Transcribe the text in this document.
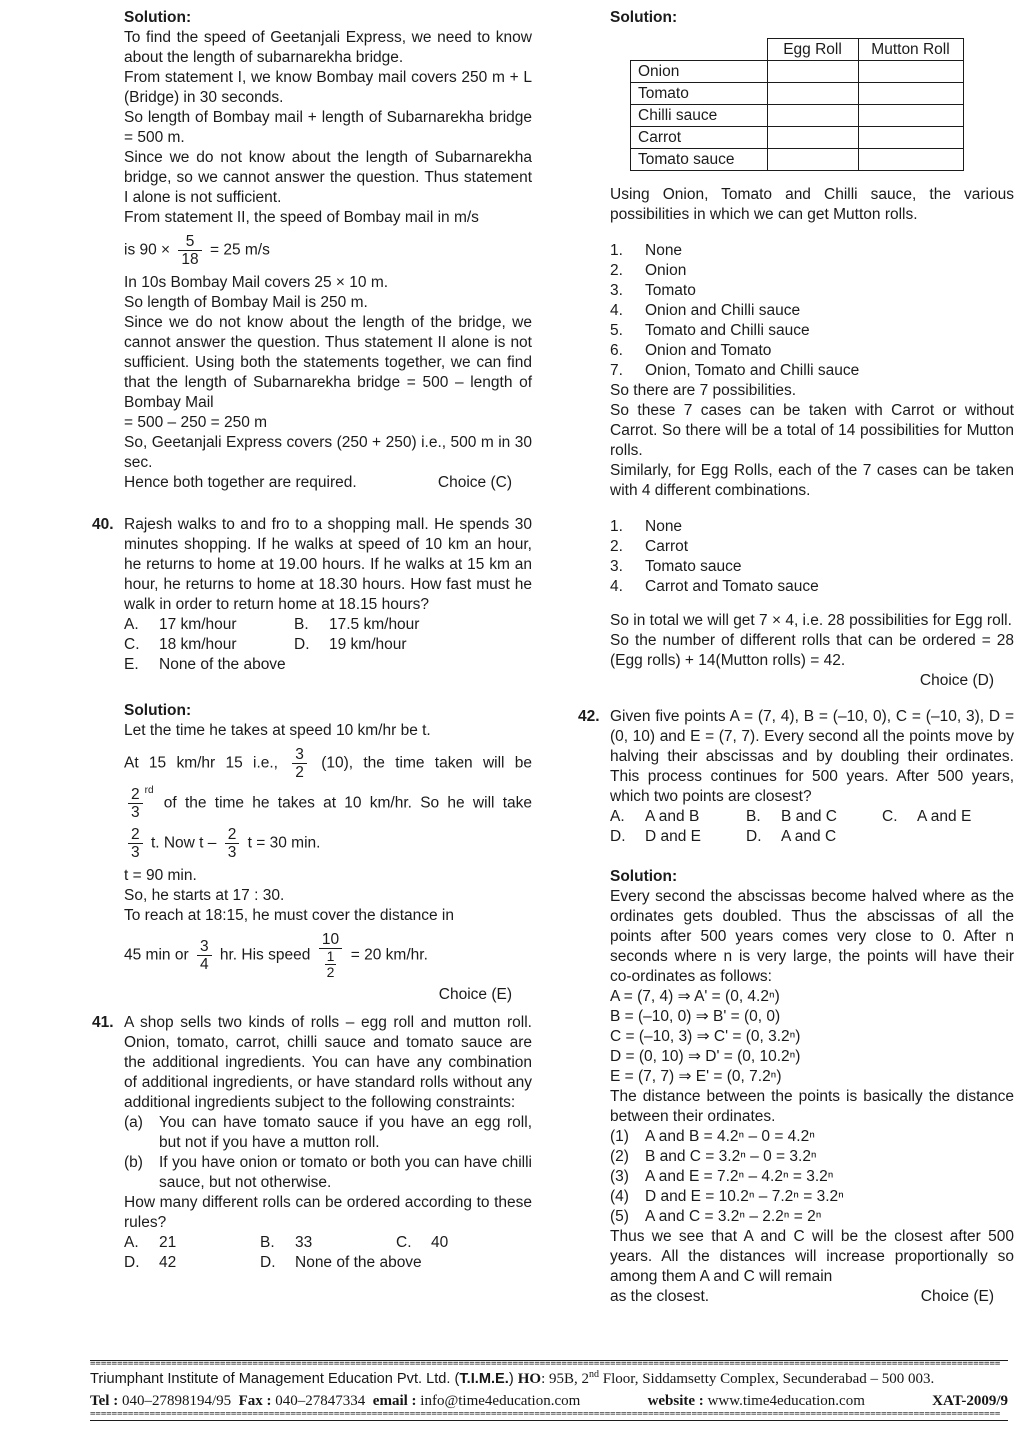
Solution:

To find the speed of Geetanjali Express, we need to know about the length of subarnarekha bridge.

From statement I, we know Bombay mail covers 250 m + L (Bridge) in 30 seconds.

So length of Bombay mail + length of Subarnarekha bridge = 500 m.

Since we do not know about the length of Subarnarekha bridge, so we cannot answer the question. Thus statement I alone is not sufficient.

From statement II, the speed of Bombay mail in m/s

is $90 \times \frac{5}{18} = 25$ m/s

In 10s Bombay Mail covers 25 × 10 m.

So length of Bombay Mail is 250 m.

Since we do not know about the length of the bridge, we cannot answer the question. Thus statement II alone is not sufficient. Using both the statements together, we can find that the length of Subarnarekha bridge = 500 – length of Bombay Mail

= 500 – 250 = 250 m

So, Geetanjali Express covers (250 + 250) i.e., 500 m in 30 sec.

Hence both together are required.	Choice (C)
40. Rajesh walks to and fro to a shopping mall. He spends 30 minutes shopping. If he walks at speed of 10 km an hour, he returns to home at 19.00 hours. If he walks at 15 km an hour, he returns to home at 18.30 hours. How fast must he walk in order to return home at 18.15 hours?

A.	17 km/hour	B.	17.5 km/hour
C.	18 km/hour	D.	19 km/hour
E.	None of the above

Solution:

Let the time he takes at speed 10 km/hr be t.

At 15 km/hr 15 i.e., $\frac{3}{2} (10)$, the time taken will be
$\frac{2}{3} ^{rd}$ of the time he takes at 10 km/hr. So he will take
$\frac{2}{3} t$. Now t – $\frac{2}{3}$ t = 30 min.

t = 90 min.

So, he starts at 17 : 30.

To reach at 18:15, he must cover the distance in

45 min or $\frac{3}{4}$ hr. His speed 10
1
2 = 20 km/hr.
Choice (E)
41. A shop sells two kinds of rolls – egg roll and mutton roll. Onion, tomato, carrot, chilli sauce and tomato sauce are the additional ingredients. You can have any combination of additional ingredients, or have standard rolls without any additional ingredients subject to the following constraints:

(a)	You can have tomato sauce if you have an egg roll, but not if you have a mutton roll.
(b)	If you have onion or tomato or both you can have chilli sauce, but not otherwise.

How many different rolls can be ordered according to these rules?

A.	21	B.	33	C.	40
D.	42	D.	None of the above

Solution:

	Egg Roll	Mutton Roll
Onion		
Tomato		
Chilli sauce		
Carrot		
Tomato sauce		

Using Onion, Tomato and Chilli sauce, the various possibilities in which we can get Mutton rolls.

1.	None
2.	Onion
3.	Tomato
4.	Onion and Chilli sauce
5.	Tomato and Chilli sauce
6.	Onion and Tomato
7.	Onion, Tomato and Chilli sauce

So there are 7 possibilities.

So these 7 cases can be taken with Carrot or without Carrot. So there will be a total of 14 possibilities for Mutton rolls.

Similarly, for Egg Rolls, each of the 7 cases can be taken with 4 different combinations.

1.	None
2.	Carrot
3.	Tomato sauce
4.	Carrot and Tomato sauce

So in total we will get 7 × 4, i.e. 28 possibilities for Egg roll.

So the number of different rolls that can be ordered = 28 (Egg rolls) + 14(Mutton rolls) = 42.

Choice (D)
42. Given five points A = (7, 4), B = (–10, 0), C = (–10, 3), D = (0, 10) and E = (7, 7). Every second all the points move by halving their abscissas and by doubling their ordinates. This process continues for 500 years. After 500 years, which two points are closest?

A.	A and B	B.	B and C	C.	A and E
D.	D and E	D.	A and C

Solution:

Every second the abscissas become halved where as the ordinates gets doubled. Thus the abscissas of all the points after 500 years comes very close to 0. After n seconds where n is very large, the points will have their co-ordinates as follows:

A = (7, 4) ⇒ A' = (0, 4.2ⁿ)

B = (–10, 0) ⇒ B' = (0, 0)

C = (–10, 3) ⇒ C' = (0, 3.2ⁿ)

D = (0, 10) ⇒ D' = (0, 10.2ⁿ)

E = (7, 7) ⇒ E' = (0, 7.2ⁿ)

The distance between the points is basically the distance between their ordinates.

(1)	A and B = 4.2ⁿ – 0 = 4.2ⁿ
(2)	B and C = 3.2ⁿ – 0 = 3.2ⁿ
(3)	A and E = 7.2ⁿ – 4.2ⁿ = 3.2ⁿ
(4)	D and E = 10.2ⁿ – 7.2ⁿ = 3.2ⁿ
(5)	A and C = 3.2ⁿ – 2.2ⁿ = 2ⁿ

Thus we see that A and C will be the closest after 500 years. All the distances will increase proportionally so among them A and C will remain

as the closest.	Choice (E)
========================================================================================================================================================================
Triumphant Institute of Management Education Pvt. Ltd. (T.I.M.E.) HO: 95B, 2nd Floor, Siddamsetty Complex, Secunderabad – 500 003.
Tel : 040–27898194/95 Fax : 040–27847334 email : info@time4education.com	website : www.time4education.com	XAT-2009/9
========================================================================================================================================================================
